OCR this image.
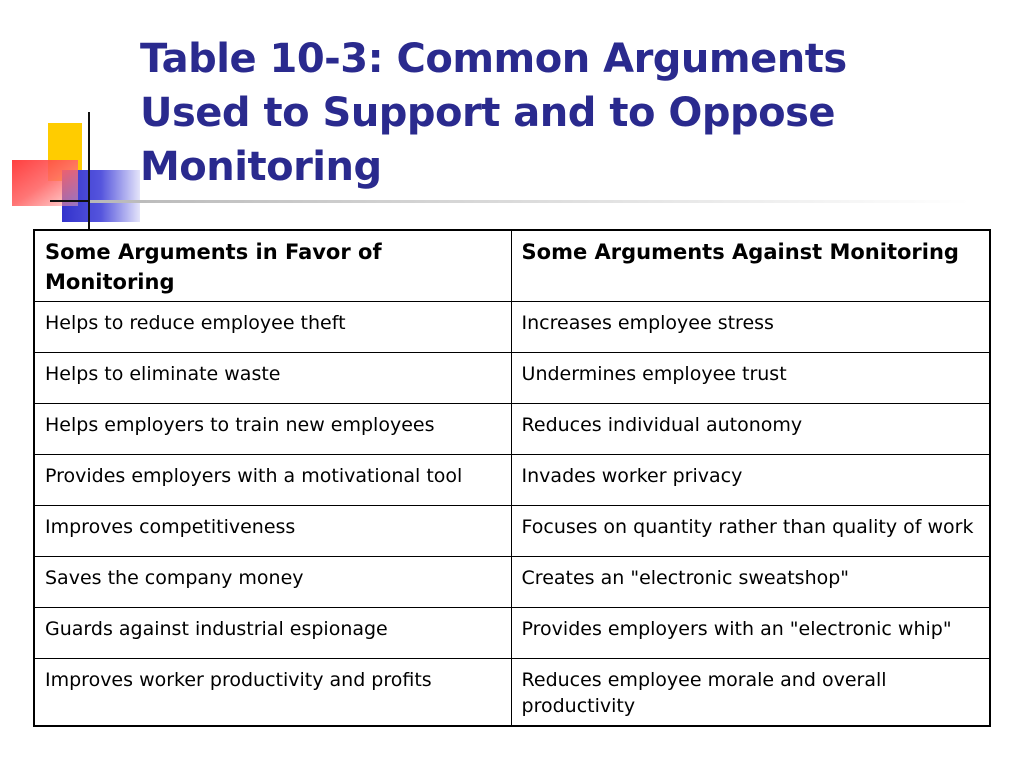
Table 10-3: Common Arguments
Used to Support and to Oppose
Monitoring
Some Arguments in Favor of Monitoring	Some Arguments Against Monitoring
Helps to reduce employee theft	Increases employee stress
Helps to eliminate waste	Undermines employee trust
Helps employers to train new employees	Reduces individual autonomy
Provides employers with a motivational tool	Invades worker privacy
Improves competitiveness	Focuses on quantity rather than quality of work
Saves the company money	Creates an "electronic sweatshop"
Guards against industrial espionage	Provides employers with an "electronic whip"
Improves worker productivity and profits	Reduces employee morale and overall productivity
